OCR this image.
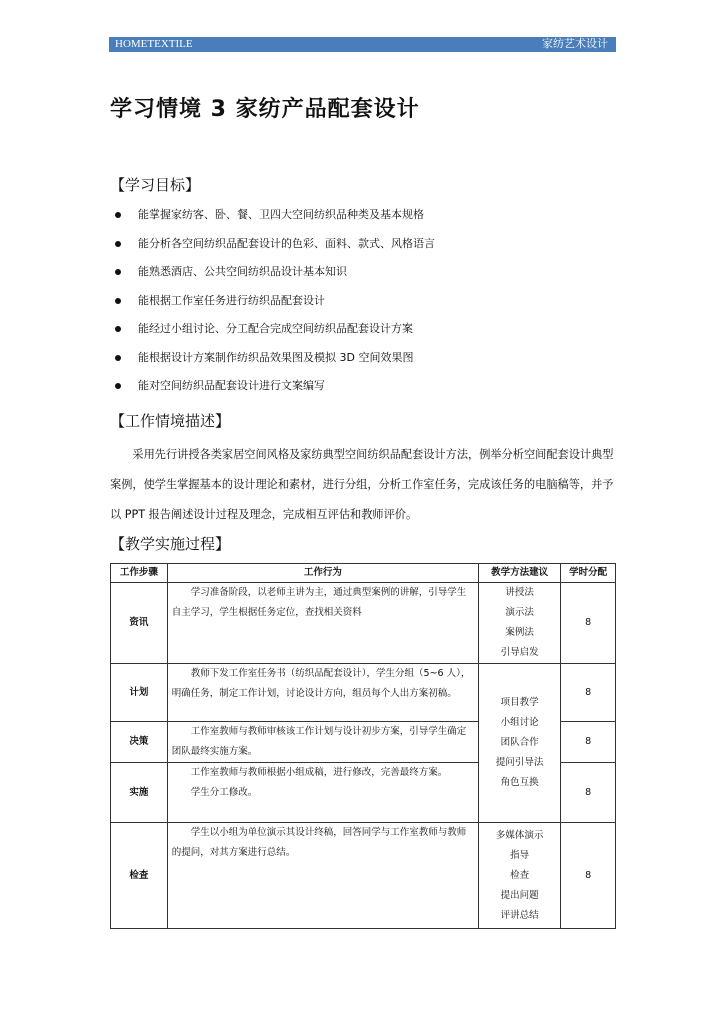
HOMETEXTILE	家纺艺术设计
学习情境 3 家纺产品配套设计
【学习目标】
能掌握家纺客、卧、餐、卫四大空间纺织品种类及基本规格
能分析各空间纺织品配套设计的色彩、面料、款式、风格语言
能熟悉酒店、公共空间纺织品设计基本知识
能根据工作室任务进行纺织品配套设计
能经过小组讨论、分工配合完成空间纺织品配套设计方案
能根据设计方案制作纺织品效果图及模拟 3D 空间效果图
能对空间纺织品配套设计进行文案编写
【工作情境描述】
采用先行讲授各类家居空间风格及家纺典型空间纺织品配套设计方法，例举分析空间配套设计典型案例，使学生掌握基本的设计理论和素材，进行分组，分析工作室任务，完成该任务的电脑稿等，并予以 PPT 报告阐述设计过程及理念，完成相互评估和教师评价。
【教学实施过程】
工作步骤	工作行为	教学方法建议	学时分配
资讯	学习准备阶段，以老师主讲为主，通过典型案例的讲解，引导学生自主学习，学生根据任务定位，查找相关资料	讲授法
演示法
案例法
引导启发	8
计划	教师下发工作室任务书（纺织品配套设计），学生分组（5~6 人），明确任务，制定工作计划，讨论设计方向，组员每个人出方案初稿。	项目教学
小组讨论
团队合作
提问引导法
角色互换	8
决策	工作室教师与教师审核该工作计划与设计初步方案，引导学生确定团队最终实施方案。		8
实施	工作室教师与教师根据小组成稿，进行修改，完善最终方案。
学生分工修改。		8
检查	学生以小组为单位演示其设计终稿，回答同学与工作室教师与教师的提问，对其方案进行总结。	多媒体演示
指导
检查
提出问题
评讲总结	8
